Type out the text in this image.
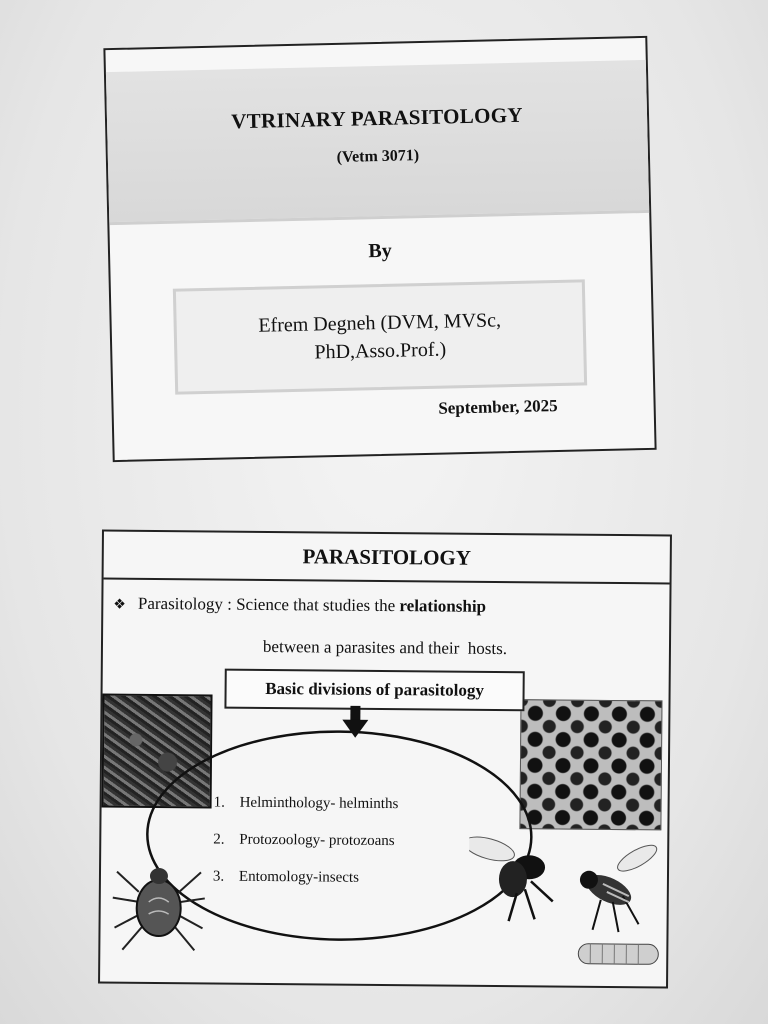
VTRINARY PARASITOLOGY
(Vetm 3071)
By
Efrem Degneh (DVM, MVSc, PhD,Asso.Prof.)
September, 2025
PARASITOLOGY
❖ Parasitology : Science that studies the relationship
between a parasites and their  hosts.
Basic divisions of parasitology
1. Helminthology- helminths
2. Protozoology- protozoans
3. Entomology-insects
